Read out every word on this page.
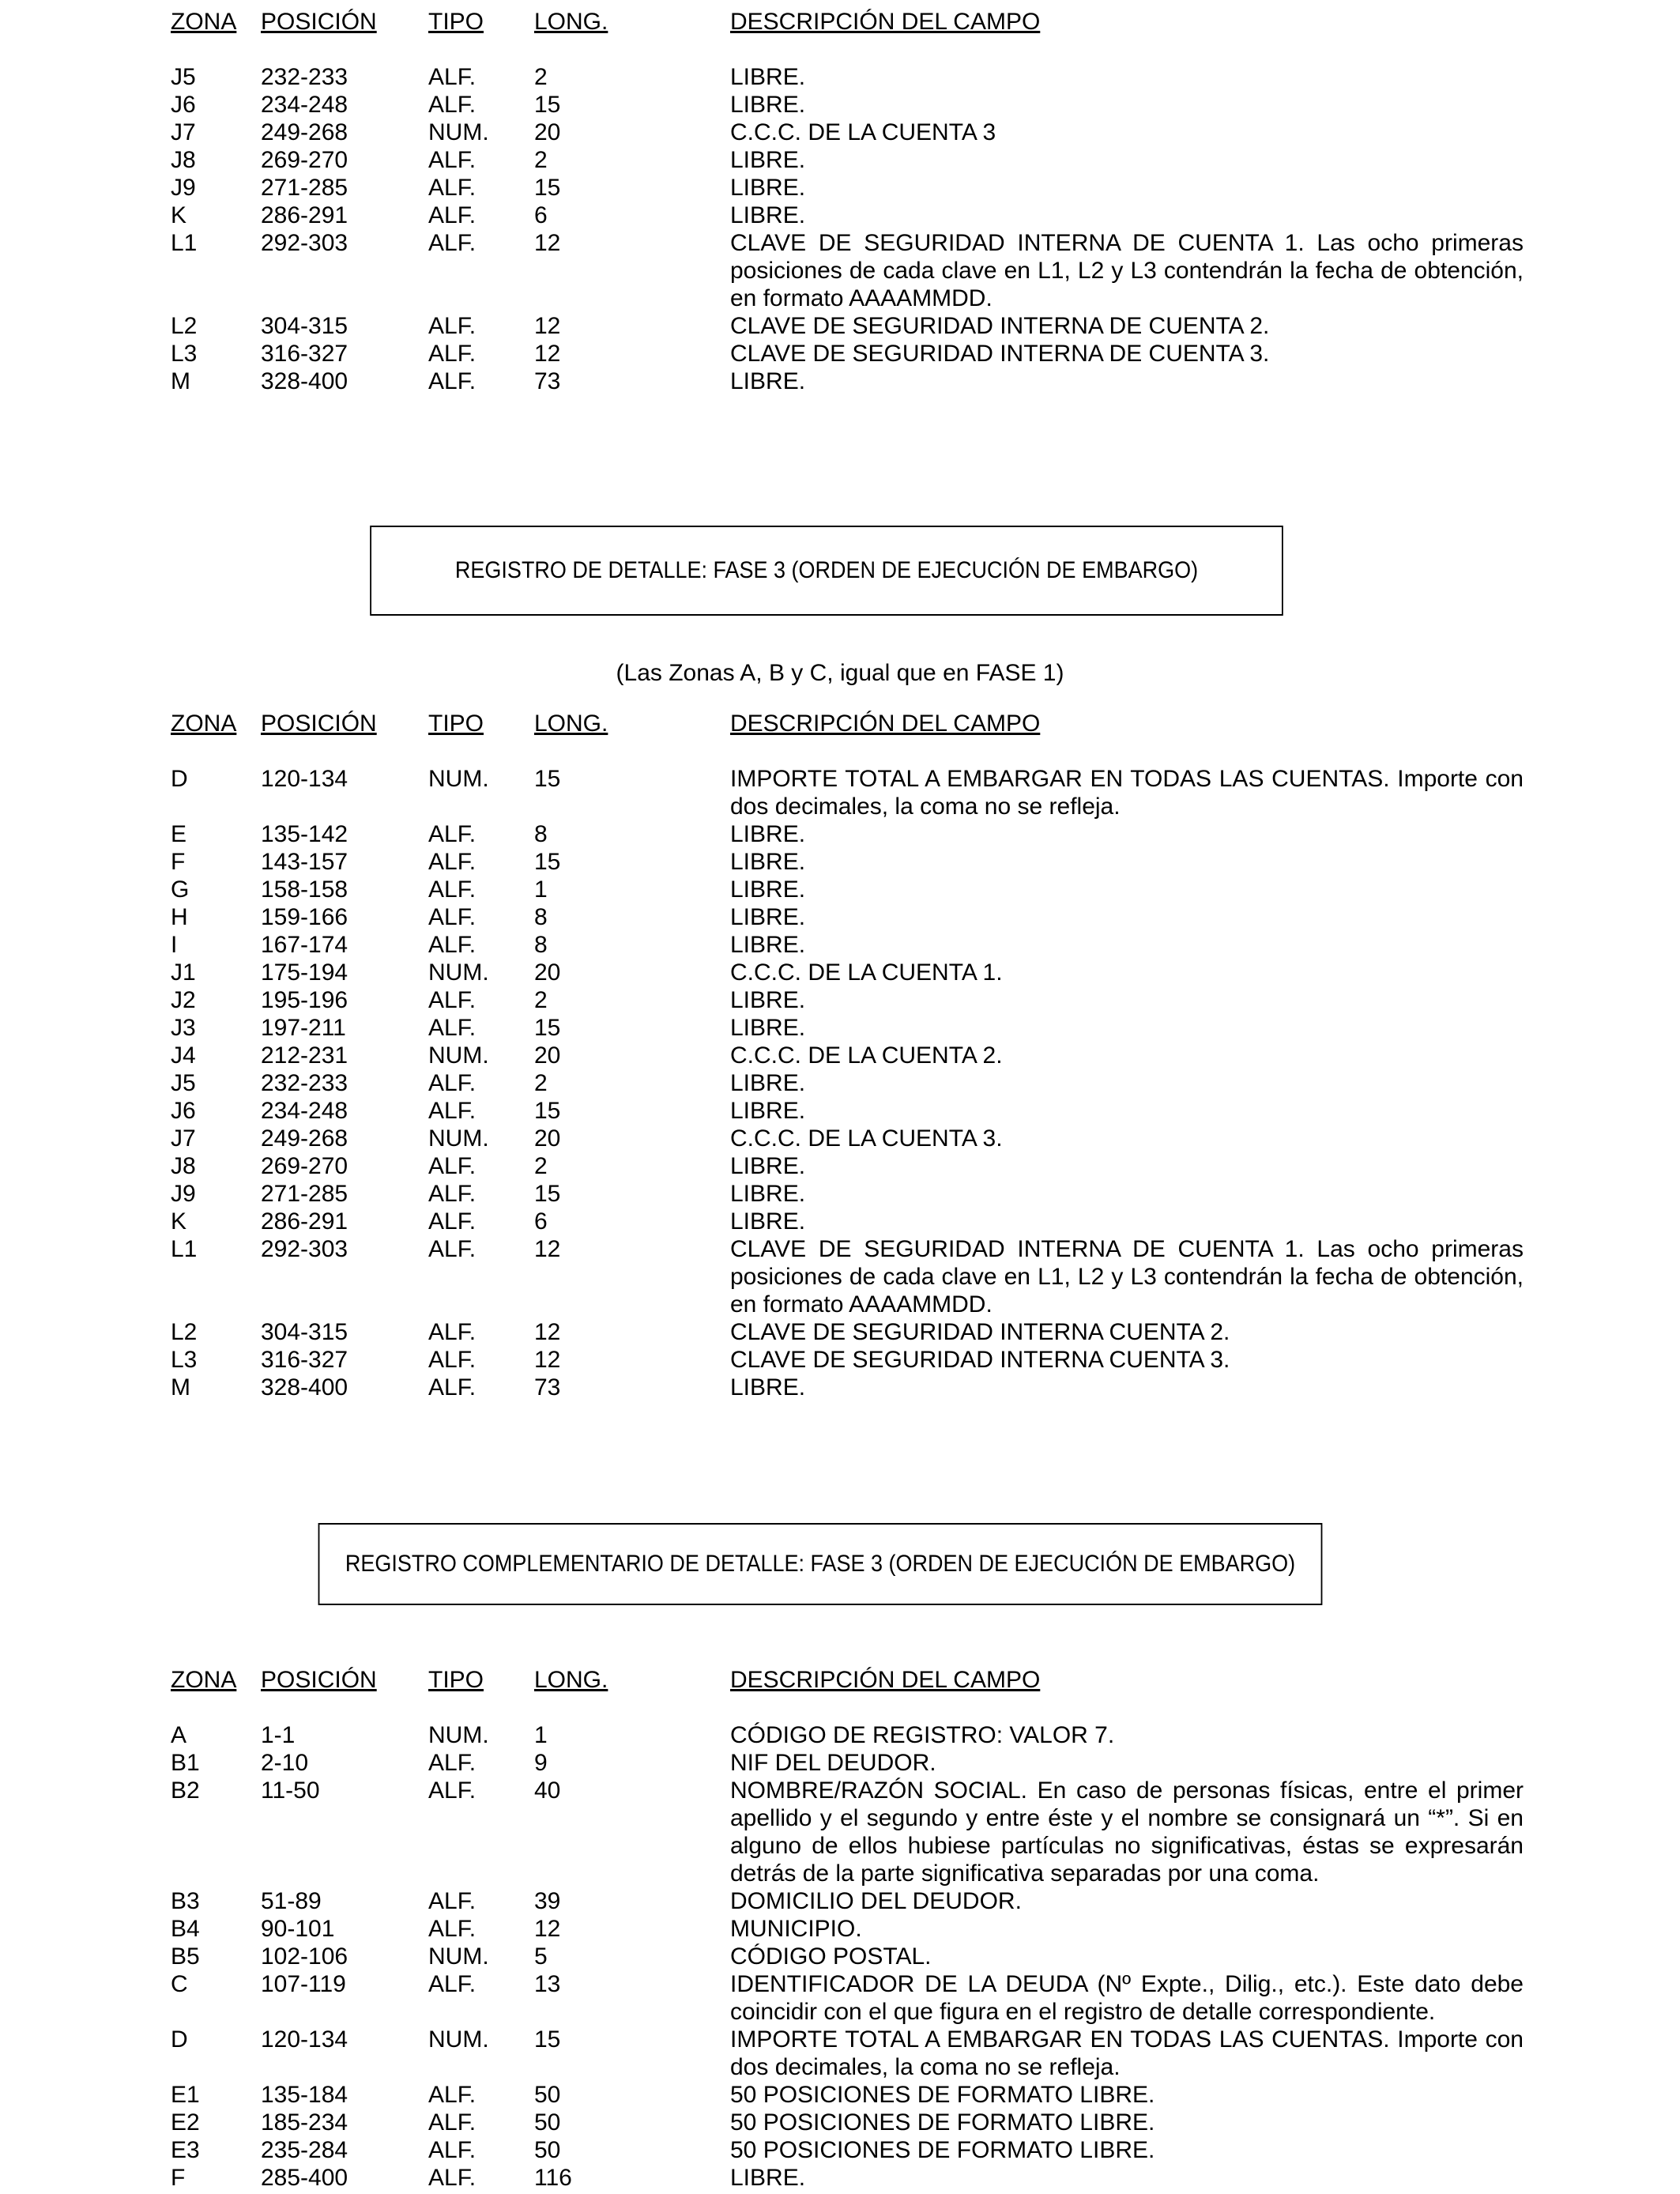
ZONA	POSICIÓN	TIPO	LONG.	DESCRIPCIÓN DEL CAMPO
J5	232-233	ALF.	2	LIBRE.
J6	234-248	ALF.	15	LIBRE.
J7	249-268	NUM.	20	C.C.C. DE LA CUENTA 3
J8	269-270	ALF.	2	LIBRE.
J9	271-285	ALF.	15	LIBRE.
K	286-291	ALF.	6	LIBRE.
L1	292-303	ALF.	12	CLAVE DE SEGURIDAD INTERNA DE CUENTA 1. Las ocho primeras posiciones de cada clave en L1, L2 y L3 contendrán la fecha de obtención, en formato AAAAMMDD.
L2	304-315	ALF.	12	CLAVE DE SEGURIDAD INTERNA DE CUENTA 2.
L3	316-327	ALF.	12	CLAVE DE SEGURIDAD INTERNA DE CUENTA 3.
M	328-400	ALF.	73	LIBRE.
REGISTRO DE DETALLE: FASE 3 (ORDEN DE EJECUCIÓN DE EMBARGO)
(Las Zonas A, B y C, igual que en FASE 1)
ZONA	POSICIÓN	TIPO	LONG.	DESCRIPCIÓN DEL CAMPO
D	120-134	NUM.	15	IMPORTE TOTAL A EMBARGAR EN TODAS LAS CUENTAS. Importe con dos decimales, la coma no se refleja.
E	135-142	ALF.	8	LIBRE.
F	143-157	ALF.	15	LIBRE.
G	158-158	ALF.	1	LIBRE.
H	159-166	ALF.	8	LIBRE.
I	167-174	ALF.	8	LIBRE.
J1	175-194	NUM.	20	C.C.C. DE LA CUENTA 1.
J2	195-196	ALF.	2	LIBRE.
J3	197-211	ALF.	15	LIBRE.
J4	212-231	NUM.	20	C.C.C. DE LA CUENTA 2.
J5	232-233	ALF.	2	LIBRE.
J6	234-248	ALF.	15	LIBRE.
J7	249-268	NUM.	20	C.C.C. DE LA CUENTA 3.
J8	269-270	ALF.	2	LIBRE.
J9	271-285	ALF.	15	LIBRE.
K	286-291	ALF.	6	LIBRE.
L1	292-303	ALF.	12	CLAVE DE SEGURIDAD INTERNA DE CUENTA 1. Las ocho primeras posiciones de cada clave en L1, L2 y L3 contendrán la fecha de obtención, en formato AAAAMMDD.
L2	304-315	ALF.	12	CLAVE DE SEGURIDAD INTERNA CUENTA 2.
L3	316-327	ALF.	12	CLAVE DE SEGURIDAD INTERNA CUENTA 3.
M	328-400	ALF.	73	LIBRE.
REGISTRO COMPLEMENTARIO DE DETALLE: FASE 3 (ORDEN DE EJECUCIÓN DE EMBARGO)
ZONA	POSICIÓN	TIPO	LONG.	DESCRIPCIÓN DEL CAMPO
A	1-1	NUM.	1	CÓDIGO DE REGISTRO: VALOR 7.
B1	2-10	ALF.	9	NIF DEL DEUDOR.
B2	11-50	ALF.	40	NOMBRE/RAZÓN SOCIAL. En caso de personas físicas, entre el primer apellido y el segundo y entre éste y el nombre se consignará un “*”. Si en alguno de ellos hubiese partículas no significativas, éstas se expresarán detrás de la parte significativa separadas por una coma.
B3	51-89	ALF.	39	DOMICILIO DEL DEUDOR.
B4	90-101	ALF.	12	MUNICIPIO.
B5	102-106	NUM.	5	CÓDIGO POSTAL.
C	107-119	ALF.	13	IDENTIFICADOR DE LA DEUDA (Nº Expte., Dilig., etc.). Este dato debe coincidir con el que figura en el registro de detalle correspondiente.
D	120-134	NUM.	15	IMPORTE TOTAL A EMBARGAR EN TODAS LAS CUENTAS. Importe con dos decimales, la coma no se refleja.
E1	135-184	ALF.	50	50 POSICIONES DE FORMATO LIBRE.
E2	185-234	ALF.	50	50 POSICIONES DE FORMATO LIBRE.
E3	235-284	ALF.	50	50 POSICIONES DE FORMATO LIBRE.
F	285-400	ALF.	116	LIBRE.
